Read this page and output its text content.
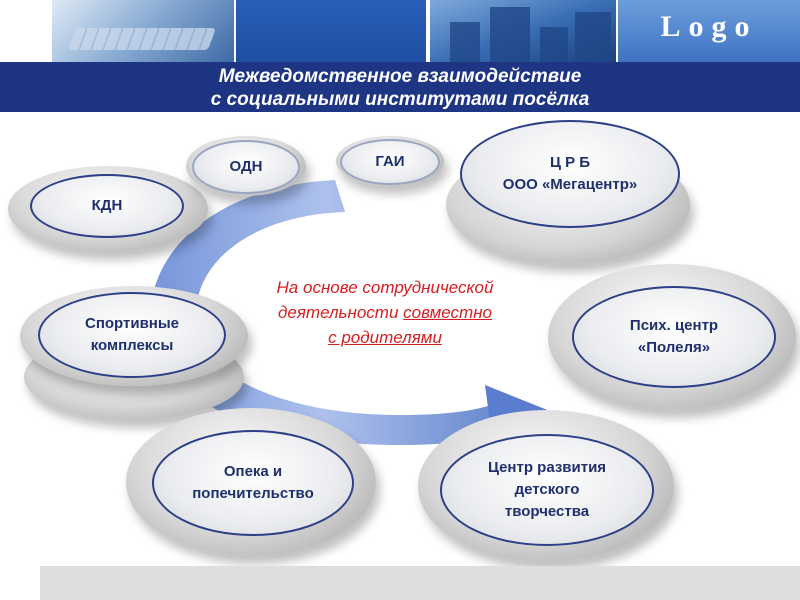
Logo
Межведомственное взаимодействие
с социальными институтами посёлка
На основе сотруднической
деятельности совместно
с родителями
КДН
ОДН	ГАИ	Ц Р Б
ООО «Мегацентр»
Спортивные
комплексы
Псих. центр
«Полеля»
Опека и
попечительство
Центр развития
детского
творчества
